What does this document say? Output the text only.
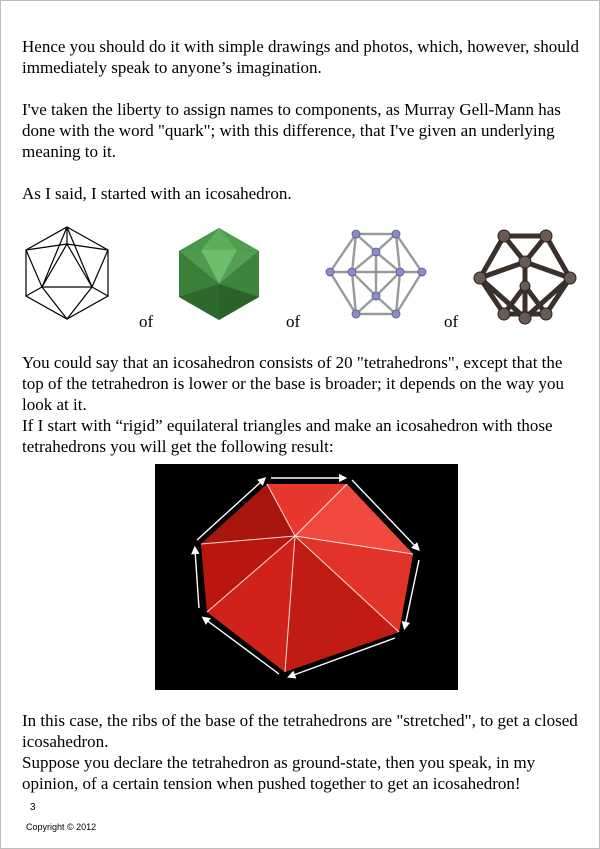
Hence you should do it with simple drawings and photos, which, however, should immediately speak to anyone’s imagination.

I've taken the liberty to assign names to components, as Murray Gell-Mann has done with the word "quark"; with this difference, that I've given an underlying meaning to it.

As I said, I started with an icosahedron.

of	of	of

You could say that an icosahedron consists of 20 "tetrahedrons", except that the top of the tetrahedron is lower or the base is broader; it depends on the way you look at it.

If I start with “rigid” equilateral triangles and make an icosahedron with those tetrahedrons you will get the following result:

In this case, the ribs of the base of the tetrahedrons are "stretched", to get a closed icosahedron.

Suppose you declare the tetrahedron as ground-state, then you speak, in my opinion, of a certain tension when pushed together to get an icosahedron!

3
Copyright © 2012
